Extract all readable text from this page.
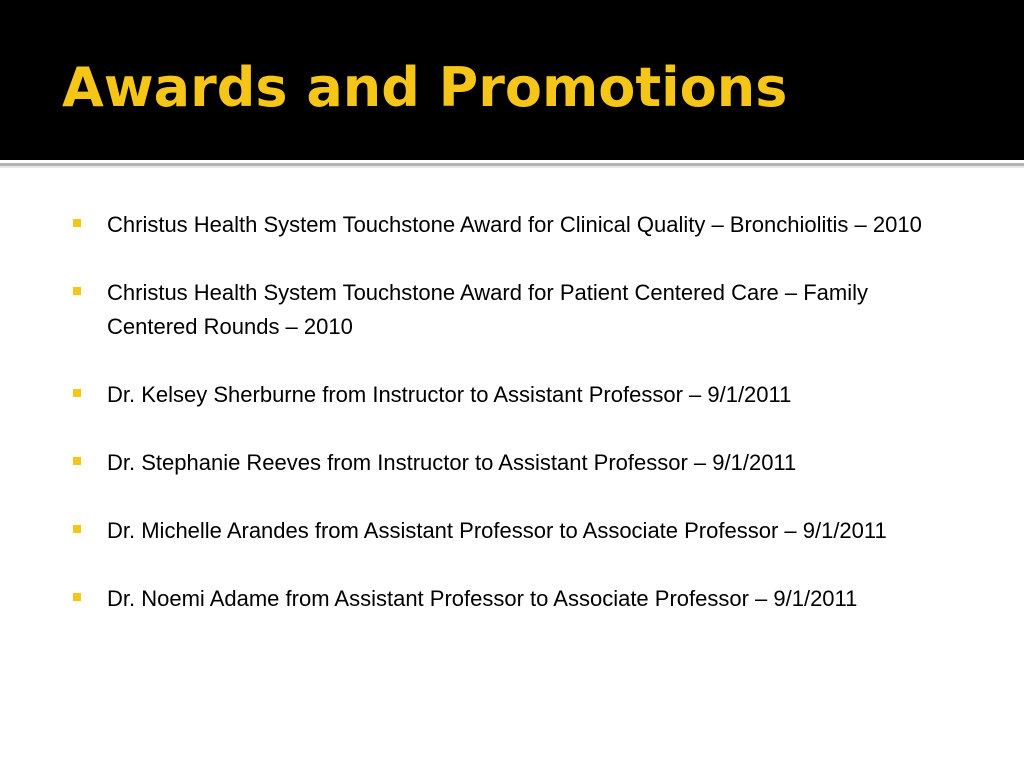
Awards and Promotions
Christus Health System Touchstone Award for Clinical Quality – Bronchiolitis – 2010
Christus Health System Touchstone Award for Patient Centered Care – Family Centered Rounds – 2010
Dr. Kelsey Sherburne from Instructor to Assistant Professor – 9/1/2011
Dr. Stephanie Reeves from Instructor to Assistant Professor – 9/1/2011
Dr. Michelle Arandes from Assistant Professor to Associate Professor – 9/1/2011
Dr. Noemi Adame from Assistant Professor to Associate Professor – 9/1/2011
